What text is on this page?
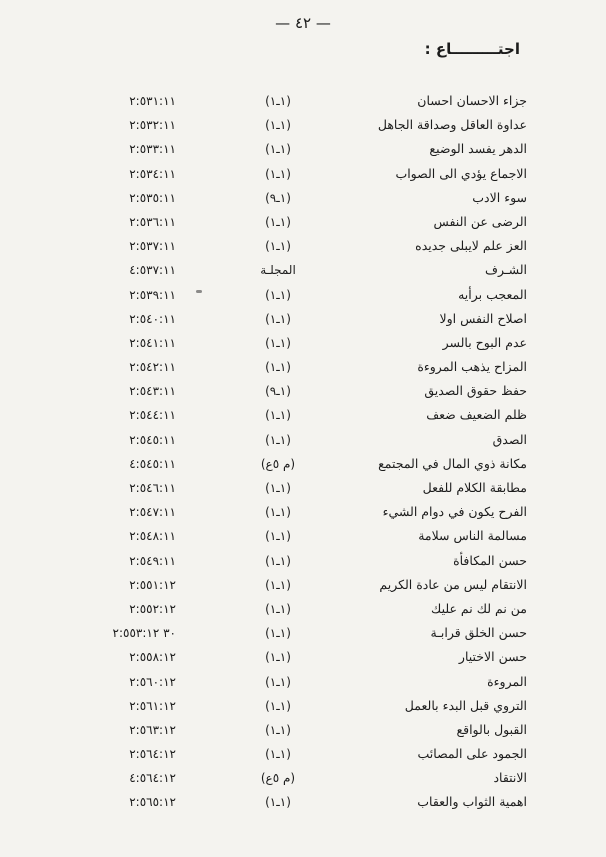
— ٤٢ —
اجتـــــــــاع :
جزاء الاحسان احسان
(١ـ١)
٢:٥٣١:١١
عداوة العاقل وصداقة الجاهل
(١ـ١)
٢:٥٣٢:١١
الدهر يفسد الوضيع
(١ـ١)
٢:٥٣٣:١١
الاجماع يؤدي الى الصواب
(١ـ١)
٢:٥٣٤:١١
سوء الادب
(١ـ٩)
٢:٥٣٥:١١
الرضى عن النفس
(١ـ١)
٢:٥٣٦:١١
العز علم لايبلى جديده
(١ـ١)
٢:٥٣٧:١١
الشـرف
المجلـة
٤:٥٣٧:١١
المعجب برأيه
(١ـ١)
٢:٥٣٩:١١
اصلاح النفس اولا
(١ـ١)
٢:٥٤٠:١١
عدم البوح بالسر
(١ـ١)
٢:٥٤١:١١
المزاح يذهب المروءة
(١ـ١)
٢:٥٤٢:١١
حفظ حقوق الصديق
(١ـ٩)
٢:٥٤٣:١١
ظلم الضعيف ضعف
(١ـ١)
٢:٥٤٤:١١
الصدق
(١ـ١)
٢:٥٤٥:١١
مكانة ذوي المال في المجتمع
(م ٥ع)
٤:٥٤٥:١١
مطابقة الكلام للفعل
(١ـ١)
٢:٥٤٦:١١
الفرح يكون في دوام الشيء
(١ـ١)
٢:٥٤٧:١١
مسالمة الناس سلامة
(١ـ١)
٢:٥٤٨:١١
حسن المكافأة
(١ـ١)
٢:٥٤٩:١١
الانتقام ليس من عادة الكريم
(١ـ١)
٢:٥٥١:١٢
من نم لك نم عليك
(١ـ١)
٢:٥٥٢:١٢
حسن الخلق قرابـة
(١ـ١)
٣٠ ٢:٥٥٣:١٢
حسن الاختيار
(١ـ١)
٢:٥٥٨:١٢
المروءة
(١ـ١)
٢:٥٦٠:١٢
التروي قبل البدء بالعمل
(١ـ١)
٢:٥٦١:١٢
القبول بالواقع
(١ـ١)
٢:٥٦٣:١٢
الجمود على المصائب
(١ـ١)
٢:٥٦٤:١٢
الانتقاد
(م ٥ع)
٤:٥٦٤:١٢
اهمية الثواب والعقاب
(١ـ١)
٢:٥٦٥:١٢
